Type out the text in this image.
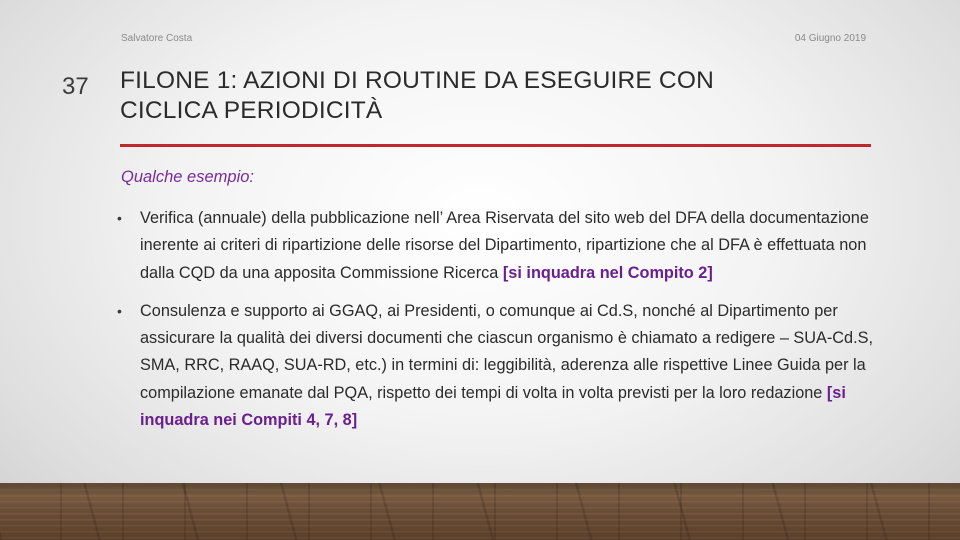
Salvatore Costa	04 Giugno 2019
37 FILONE 1: AZIONI DI ROUTINE DA ESEGUIRE CON
CICLICA PERIODICITÀ
Qualche esempio:
• Verifica (annuale) della pubblicazione nell’ Area Riservata del sito web del DFA della documentazione inerente ai criteri di ripartizione delle risorse del Dipartimento, ripartizione che al DFA è effettuata non dalla CQD da una apposita Commissione Ricerca [si inquadra nel Compito 2]
• Consulenza e supporto ai GGAQ, ai Presidenti, o comunque ai Cd.S, nonché al Dipartimento per assicurare la qualità dei diversi documenti che ciascun organismo è chiamato a redigere – SUA-Cd.S, SMA, RRC, RAAQ, SUA-RD, etc.) in termini di: leggibilità, aderenza alle rispettive Linee Guida per la compilazione emanate dal PQA, rispetto dei tempi di volta in volta previsti per la loro redazione [si inquadra nei Compiti 4, 7, 8]
